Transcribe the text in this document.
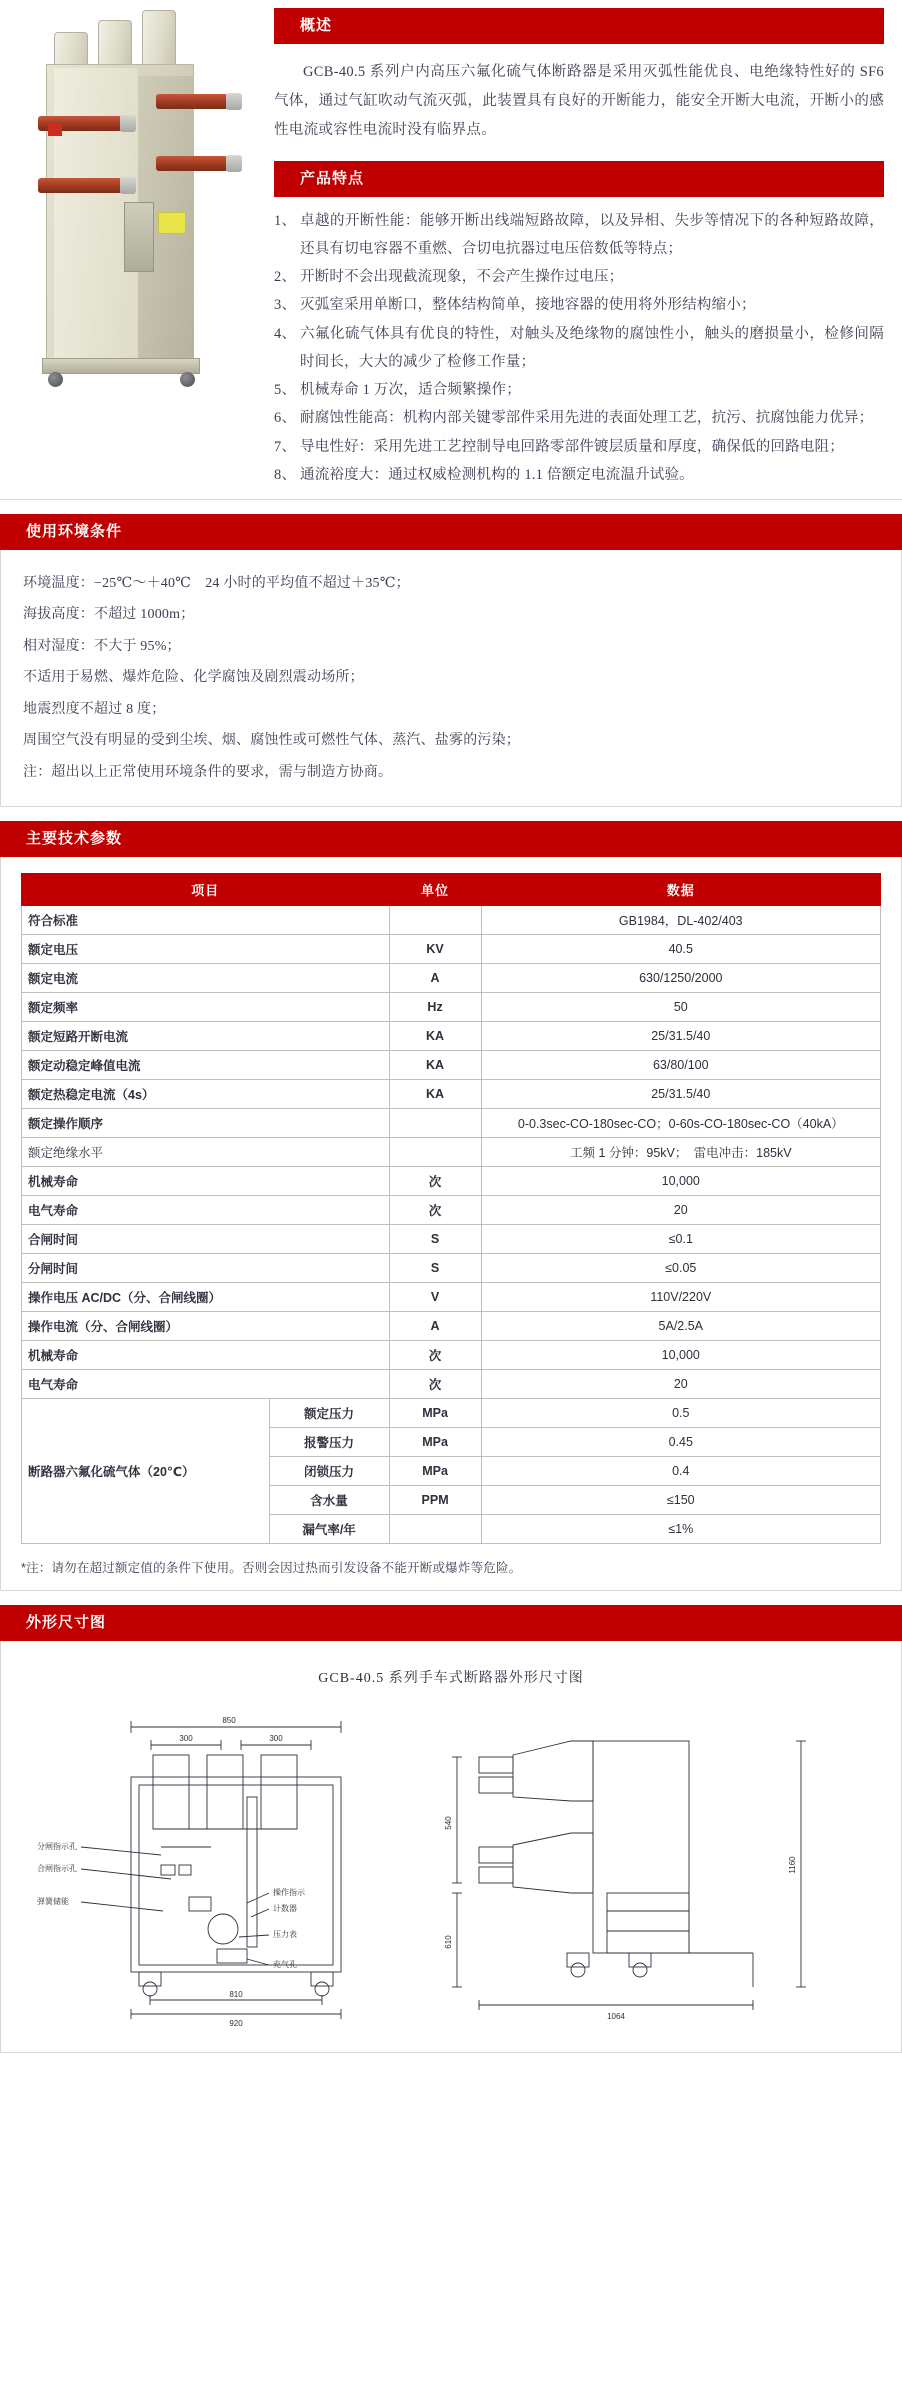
概述

GCB-40.5 系列户内高压六氟化硫气体断路器是采用灭弧性能优良、电绝缘特性好的 SF6 气体，通过气缸吹动气流灭弧，此装置具有良好的开断能力，能安全开断大电流，开断小的感性电流或容性电流时没有临界点。

产品特点
1、 卓越的开断性能：能够开断出线端短路故障，以及异相、失步等情况下的各种短路故障，还具有切电容器不重燃、合切电抗器过电压倍数低等特点；
2、 开断时不会出现截流现象，不会产生操作过电压；
3、 灭弧室采用单断口，整体结构简单，接地容器的使用将外形结构缩小；
4、 六氟化硫气体具有优良的特性，对触头及绝缘物的腐蚀性小，触头的磨损量小，检修间隔时间长，大大的减少了检修工作量；
5、 机械寿命 1 万次，适合频繁操作；
6、 耐腐蚀性能高：机构内部关键零部件采用先进的表面处理工艺，抗污、抗腐蚀能力优异；
7、 导电性好：采用先进工艺控制导电回路零部件镀层质量和厚度，确保低的回路电阻；
8、 通流裕度大：通过权威检测机构的 1.1 倍额定电流温升试验。
使用环境条件
环境温度：−25℃～＋40℃　24 小时的平均值不超过＋35℃；
海拔高度：不超过 1000m；
相对湿度：不大于 95%；
不适用于易燃、爆炸危险、化学腐蚀及剧烈震动场所；
地震烈度不超过 8 度；
周围空气没有明显的受到尘埃、烟、腐蚀性或可燃性气体、蒸汽、盐雾的污染；
注：超出以上正常使用环境条件的要求，需与制造方协商。
主要技术参数
项目		单位	数据
符合标准			GB1984，DL-402/403
额定电压		KV	40.5
额定电流		A	630/1250/2000
额定频率		Hz	50
额定短路开断电流		KA	25/31.5/40
额定动稳定峰值电流		KA	63/80/100
额定热稳定电流（4s）		KA	25/31.5/40
额定操作顺序			0-0.3sec-CO-180sec-CO；0-60s-CO-180sec-CO（40kA）
额定绝缘水平			工频 1 分钟：95kV；　雷电冲击：185kV
机械寿命		次	10,000
电气寿命		次	20
合闸时间		S	≤0.1
分闸时间		S	≤0.05
操作电压 AC/DC（分、合闸线圈）		V	110V/220V
操作电流（分、合闸线圈）		A	5A/2.5A
机械寿命		次	10,000
电气寿命		次	20
断路器六氟化硫气体（20℃）	额定压力	MPa	0.5
	报警压力	MPa	0.45
	闭锁压力	MPa	0.4
	含水量	PPM	≤150
	漏气率/年		≤1%
*注：请勿在超过额定值的条件下使用。否则会因过热而引发设备不能开断或爆炸等危险。
外形尺寸图
GCB-40.5 系列手车式断路器外形尺寸图
850
300	300
810
920
分闸指示孔
合闸指示孔
弹簧储能
操作指示
计数器
压力表
充气孔
540
610
1160
1064
